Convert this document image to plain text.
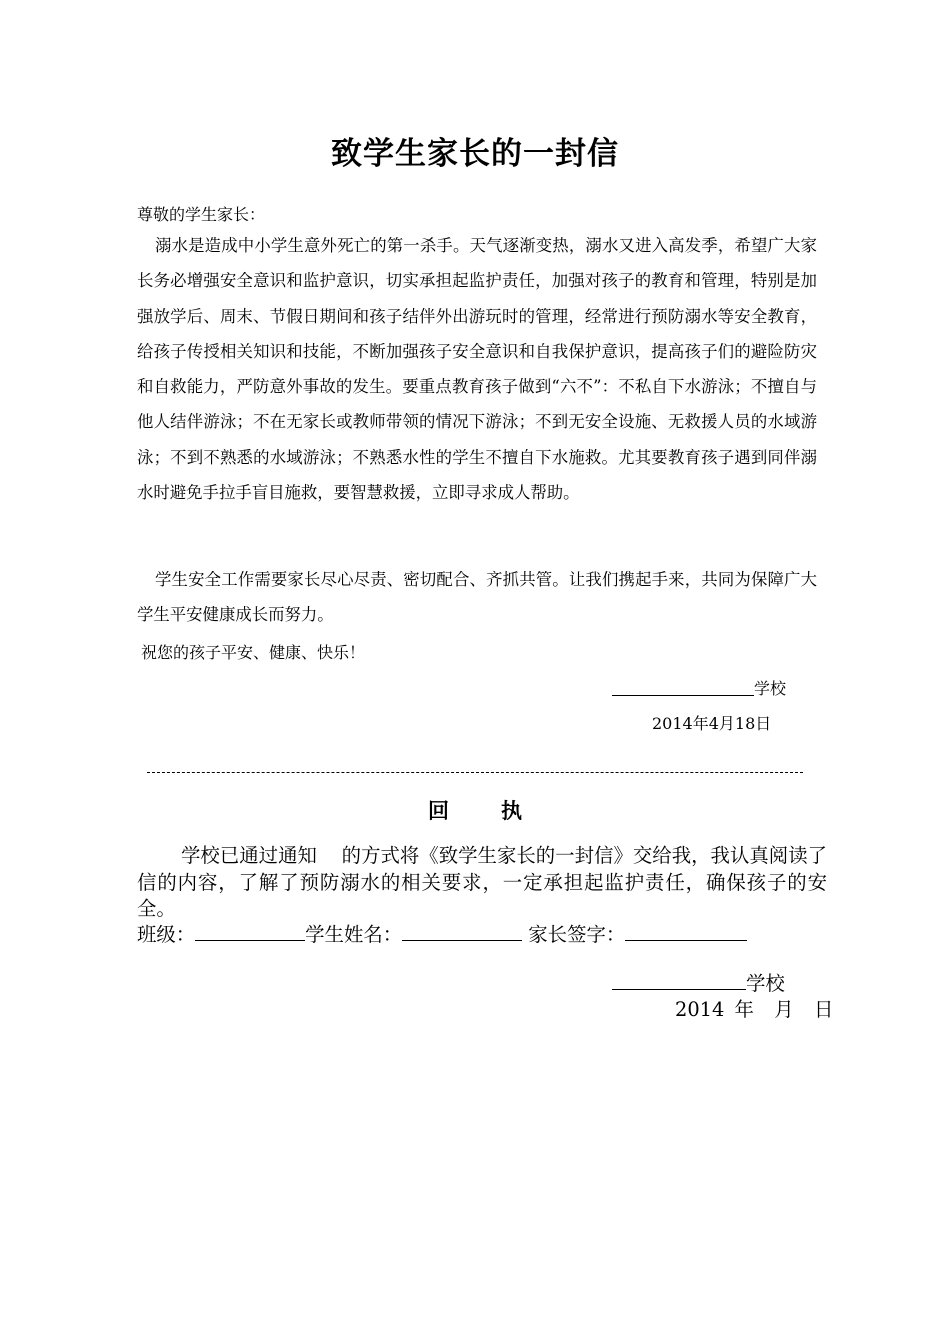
致学生家长的一封信
尊敬的学生家长：
溺水是造成中小学生意外死亡的第一杀手。天气逐渐变热，溺水又进入高发季，希望广大家长务必增强安全意识和监护意识，切实承担起监护责任，加强对孩子的教育和管理，特别是加强放学后、周末、节假日期间和孩子结伴外出游玩时的管理，经常进行预防溺水等安全教育，给孩子传授相关知识和技能，不断加强孩子安全意识和自我保护意识，提高孩子们的避险防灾和自救能力，严防意外事故的发生。要重点教育孩子做到“六不”：不私自下水游泳；不擅自与他人结伴游泳；不在无家长或教师带领的情况下游泳；不到无安全设施、无救援人员的水域游泳；不到不熟悉的水域游泳；不熟悉水性的学生不擅自下水施救。尤其要教育孩子遇到同伴溺水时避免手拉手盲目施救，要智慧救援，立即寻求成人帮助。
学生安全工作需要家长尽心尽责、密切配合、齐抓共管。让我们携起手来，共同为保障广大学生平安健康成长而努力。
祝您的孩子平安、健康、快乐！
学校
2014年4月18日
回 执
学校已通过通知    的方式将《致学生家长的一封信》交给我，我认真阅读了信的内容，了解了预防溺水的相关要求，一定承担起监护责任，确保孩子的安全。
班级：	学生姓名：	家长签字：
学校
2014 年  月  日
